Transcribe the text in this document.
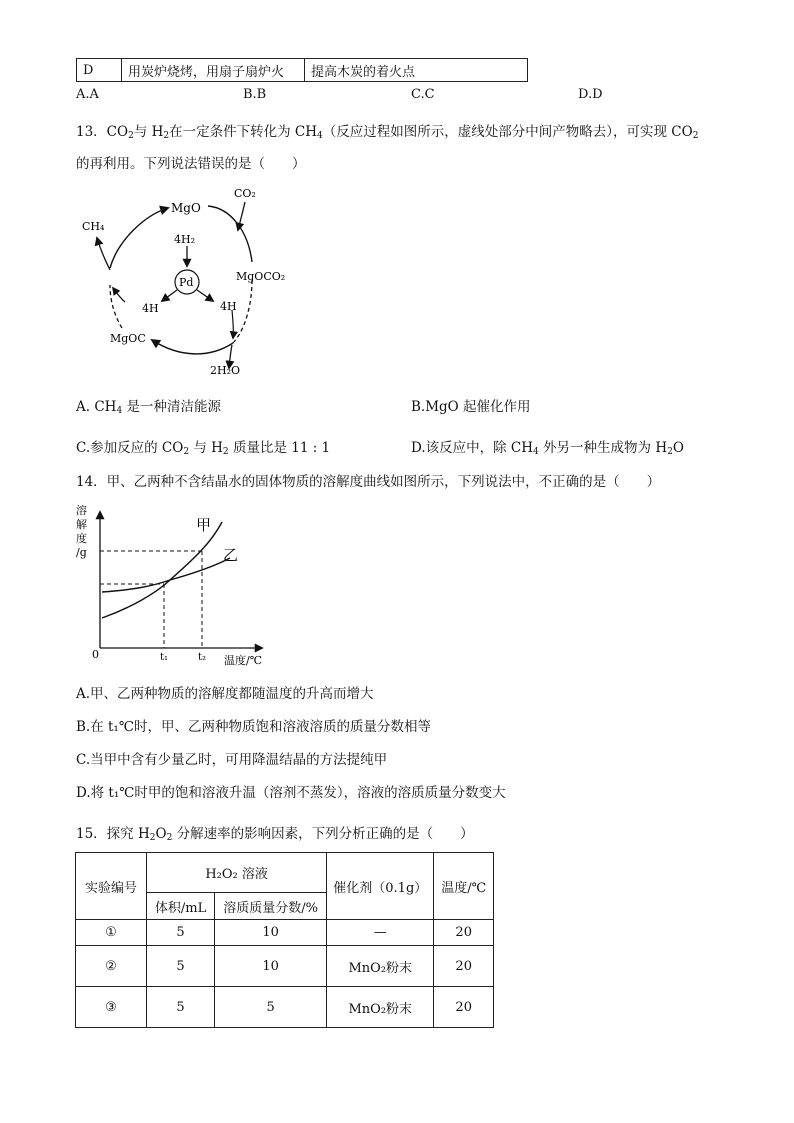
D	用炭炉烧烤，用扇子扇炉火	提高木炭的着火点
A.A	B.B	C.C	D.D
13．$CO_2$与 $H_2$在一定条件下转化为 $CH_4$（反应过程如图所示，虚线处部分中间产物略去），可实现 $CO_2$
的再利用。下列说法错误的是（　　）
CO₂
MgO
CH₄
4H₂
Pd	MgOCO₂
4H	4H
MgOC
2H₂O
A. $CH_4$ 是一种清洁能源	B.MgO 起催化作用
C.参加反应的 $CO_2$ 与 $H_2$ 质量比是 11 : 1	D.该反应中，除 $CH_4$ 外另一种生成物为 $H_2O$
14．甲、乙两种不含结晶水的固体物质的溶解度曲线如图所示，下列说法中，不正确的是（　　）
溶
解
度
/g
甲
乙
0	t₁	t₂ 温度/℃
A.甲、乙两种物质的溶解度都随温度的升高而增大
B.在 t₁℃时，甲、乙两种物质饱和溶液溶质的质量分数相等
C.当甲中含有少量乙时，可用降温结晶的方法提纯甲
D.将 t₁℃时甲的饱和溶液升温（溶剂不蒸发），溶液的溶质质量分数变大
15．探究 $H_2O_2$ 分解速率的影响因素，下列分析正确的是（　　）
实验编号	H₂O₂ 溶液		催化剂（0.1g）	温度/℃
	体积/mL	溶质质量分数/%		
①	5	10	—	20
②	5	10	MnO₂粉末	20
③	5	5	MnO₂粉末	20
